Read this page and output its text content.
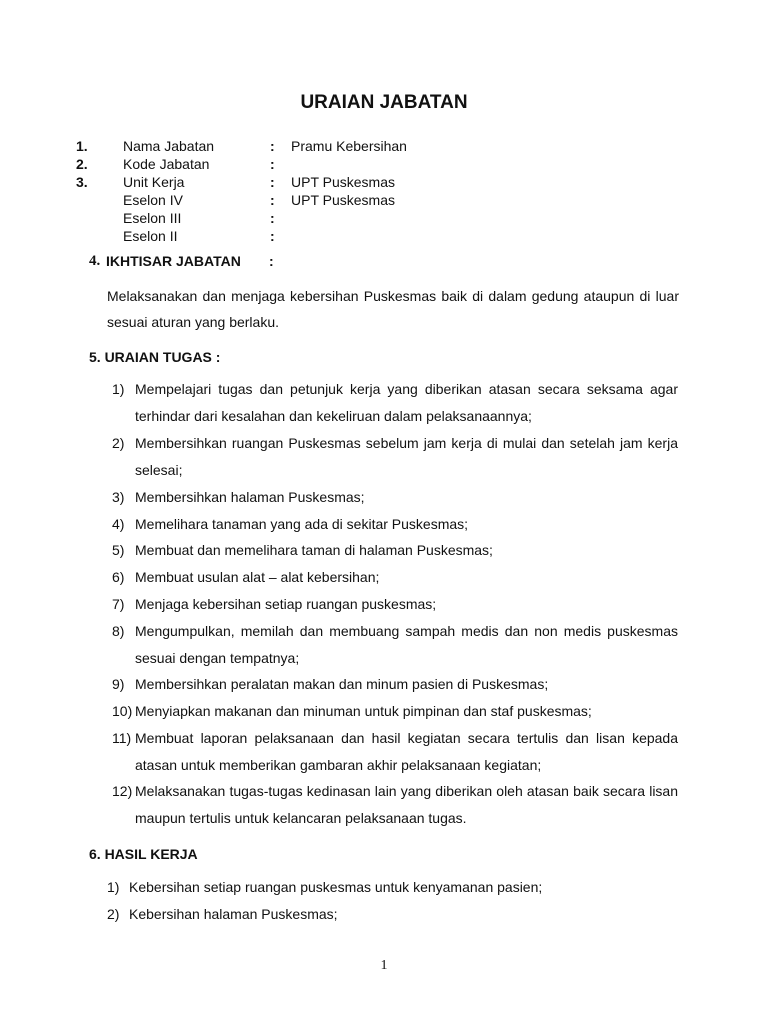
URAIAN JABATAN
1.	Nama Jabatan	: Pramu Kebersihan
2.	Kode Jabatan	:
3.	Unit Kerja	: UPT Puskesmas
Eselon IV	: UPT Puskesmas
Eselon III	:
Eselon II	:
4. IKHTISAR JABATAN :
Melaksanakan dan menjaga kebersihan Puskesmas baik di dalam gedung ataupun di luar sesuai aturan yang berlaku.
5. URAIAN TUGAS :
1) Mempelajari tugas dan petunjuk kerja yang diberikan atasan secara seksama agar terhindar dari kesalahan dan kekeliruan dalam pelaksanaannya;
2) Membersihkan ruangan Puskesmas sebelum jam kerja di mulai dan setelah jam kerja selesai;
3) Membersihkan halaman Puskesmas;
4) Memelihara tanaman yang ada di sekitar Puskesmas;
5) Membuat dan memelihara taman di halaman Puskesmas;
6) Membuat usulan alat – alat kebersihan;
7) Menjaga kebersihan setiap ruangan puskesmas;
8) Mengumpulkan, memilah dan membuang sampah medis dan non medis puskesmas sesuai dengan tempatnya;
9) Membersihkan peralatan makan dan minum pasien di Puskesmas;
10) Menyiapkan makanan dan minuman untuk pimpinan dan staf puskesmas;
11) Membuat laporan pelaksanaan dan hasil kegiatan secara tertulis dan lisan kepada atasan untuk memberikan gambaran akhir pelaksanaan kegiatan;
12) Melaksanakan tugas-tugas kedinasan lain yang diberikan oleh atasan baik secara lisan maupun tertulis untuk kelancaran pelaksanaan tugas.
6. HASIL KERJA
1) Kebersihan setiap ruangan puskesmas untuk kenyamanan pasien;
2) Kebersihan halaman Puskesmas;
1
